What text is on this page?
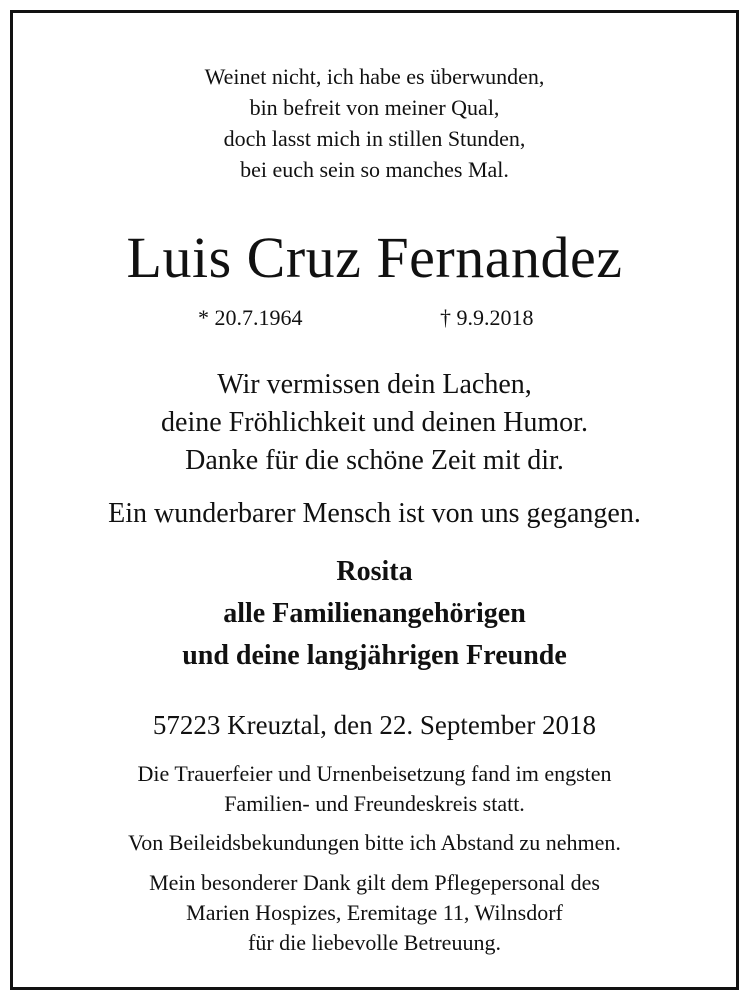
Weinet nicht, ich habe es überwunden,
bin befreit von meiner Qual,
doch lasst mich in stillen Stunden,
bei euch sein so manches Mal.
Luis Cruz Fernandez
* 20.7.1964	† 9.9.2018
Wir vermissen dein Lachen,
deine Fröhlichkeit und deinen Humor.
Danke für die schöne Zeit mit dir.
Ein wunderbarer Mensch ist von uns gegangen.
Rosita
alle Familienangehörigen
und deine langjährigen Freunde
57223 Kreuztal, den 22. September 2018
Die Trauerfeier und Urnenbeisetzung fand im engsten
Familien- und Freundeskreis statt.
Von Beileidsbekundungen bitte ich Abstand zu nehmen.
Mein besonderer Dank gilt dem Pflegepersonal des
Marien Hospizes, Eremitage 11, Wilnsdorf
für die liebevolle Betreuung.
